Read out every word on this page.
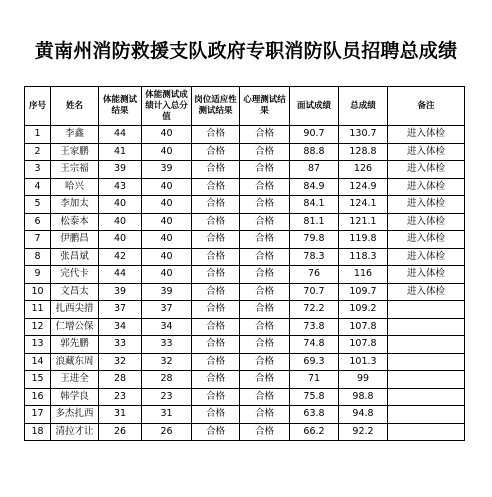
黄南州消防救援支队政府专职消防队员招聘总成绩
序号	姓名	体能测试结果	体能测试成绩计入总分值	岗位适应性测试结果	心理测试结果	面试成绩	总成绩	备注
1	李鑫	44	40	合格	合格	90.7	130.7	进入体检
2	王家鹏	41	40	合格	合格	88.8	128.8	进入体检
3	王宗福	39	39	合格	合格	87	126	进入体检
4	哈兴	43	40	合格	合格	84.9	124.9	进入体检
5	李加太	40	40	合格	合格	84.1	124.1	进入体检
6	松泰本	40	40	合格	合格	81.1	121.1	进入体检
7	伊鹏昌	40	40	合格	合格	79.8	119.8	进入体检
8	张昌斌	42	40	合格	合格	78.3	118.3	进入体检
9	完代卡	44	40	合格	合格	76	116	进入体检
10	文昌太	39	39	合格	合格	70.7	109.7	进入体检
11	扎西尖措	37	37	合格	合格	72.2	109.2	
12	仁增公保	34	34	合格	合格	73.8	107.8	
13	郭先鹏	33	33	合格	合格	74.8	107.8	
14	浪藏东周	32	32	合格	合格	69.3	101.3	
15	王进全	28	28	合格	合格	71	99	
16	韩学良	23	23	合格	合格	75.8	98.8	
17	多杰扎西	31	31	合格	合格	63.8	94.8	
18	清拉才让	26	26	合格	合格	66.2	92.2	
